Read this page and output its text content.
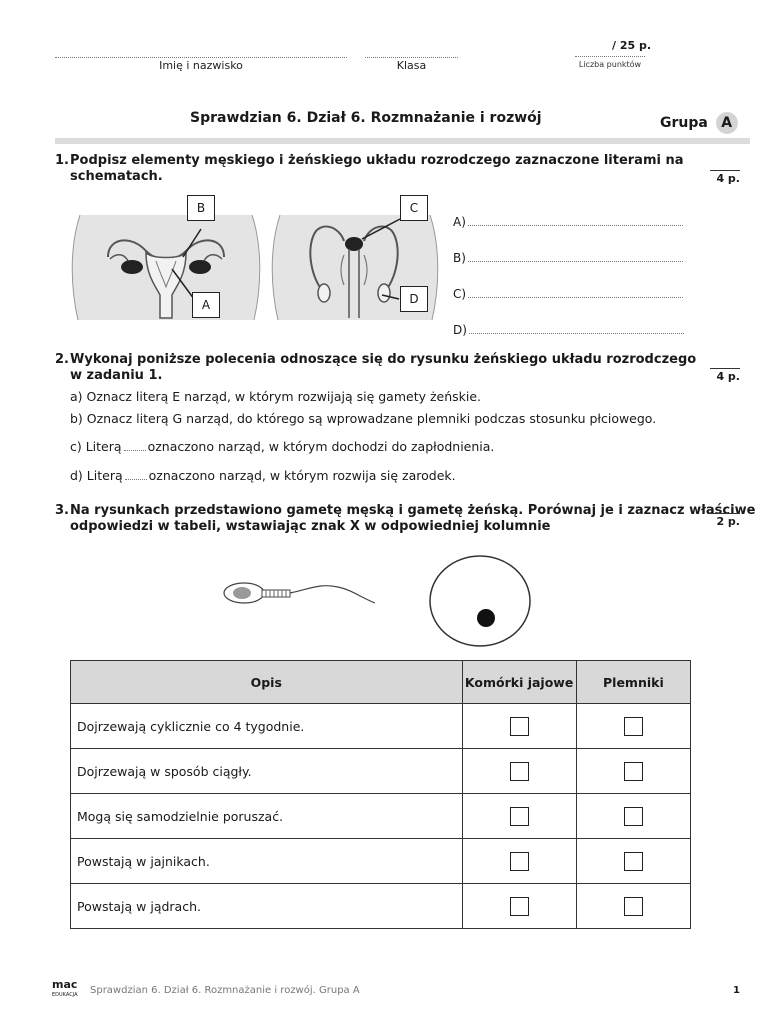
Imię i nazwisko	Klasa
/ 25 p.
Liczba punktów
Sprawdzian 6. Dział 6. Rozmnażanie i rozwój	Grupa A
1. Podpisz elementy męskiego i żeńskiego układu rozrodczego zaznaczone literami na
schematach.	4 p.
B	C
A	D
A)
B)
C)
D)
2. Wykonaj poniższe polecenia odnoszące się do rysunku żeńskiego układu rozrodczego
w zadaniu 1.	4 p.
a) Oznacz literą E narząd, w którym rozwijają się gamety żeńskie.
b) Oznacz literą G narząd, do którego są wprowadzane plemniki podczas stosunku płciowego.
c) Literą oznaczono narząd, w którym dochodzi do zapłodnienia.
d) Literą oznaczono narząd, w którym rozwija się zarodek.
3. Na rysunkach przedstawiono gametę męską i gametę żeńską. Porównaj je i zaznacz właściwe
odpowiedzi w tabeli, wstawiając znak X w odpowiedniej kolumnie	2 p.
Opis	Komórki jajowe	Plemniki
Dojrzewają cyklicznie co 4 tygodnie.		
Dojrzewają w sposób ciągły.		
Mogą się samodzielnie poruszać.		
Powstają w jajnikach.		
Powstają w jądrach.		
mac
EDUKACJA Sprawdzian 6. Dział 6. Rozmnażanie i rozwój. Grupa A	1
